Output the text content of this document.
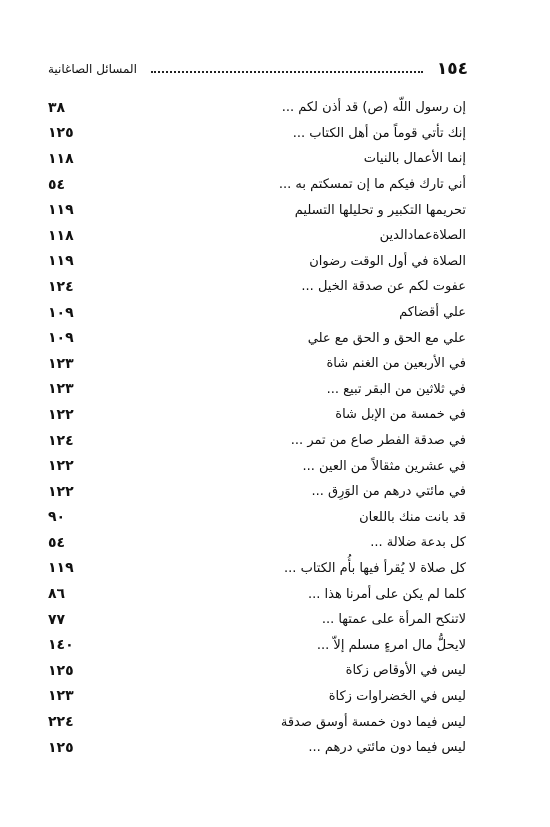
١٥٤
المسائل الصاغانية
إن رسول اللّه (ص) قد أذن لكم ...
٣٨
إنك تأتي قوماً من أهل الكتاب ...
١٢٥
إنما الأعمال بالنيات
١١٨
أني تارك فيكم ما إن تمسكتم به ...
٥٤
تحريمها التكبير و تحليلها التسليم
١١٩
الصلاةعمادالدين
١١٨
الصلاة في أول الوقت رضوان
١١٩
عفوت لكم عن صدقة الخيل ...
١٢٤
علي أقضاكم
١٠٩
علي مع الحق و الحق مع علي
١٠٩
في الأربعين من الغنم شاة
١٢٣
في ثلاثين من البقر تبيع ...
١٢٣
في خمسة من الإبل شاة
١٢٢
في صدقة الفطر صاع من تمر ...
١٢٤
في عشرين مثقالاً من العين ...
١٢٢
في مائتي درهم من الوَرِق ...
١٢٢
قد بانت منك باللعان
٩٠
كل بدعة ضلالة ...
٥٤
كل صلاة لا يُقرأ فيها بأُم الكتاب ...
١١٩
كلما لم يكن على أمرنا هذا ...
٨٦
لاتنكح المرأة على عمتها ...
٧٧
لايحلُّ مال امرءٍ مسلم إلاّ ...
١٤٠
ليس في الأوقاص زكاة
١٢٥
ليس في الخضراوات زكاة
١٢٣
ليس فيما دون خمسة أوسق صدقة
٢٢٤
ليس فيما دون مائتي درهم ...
١٢٥
